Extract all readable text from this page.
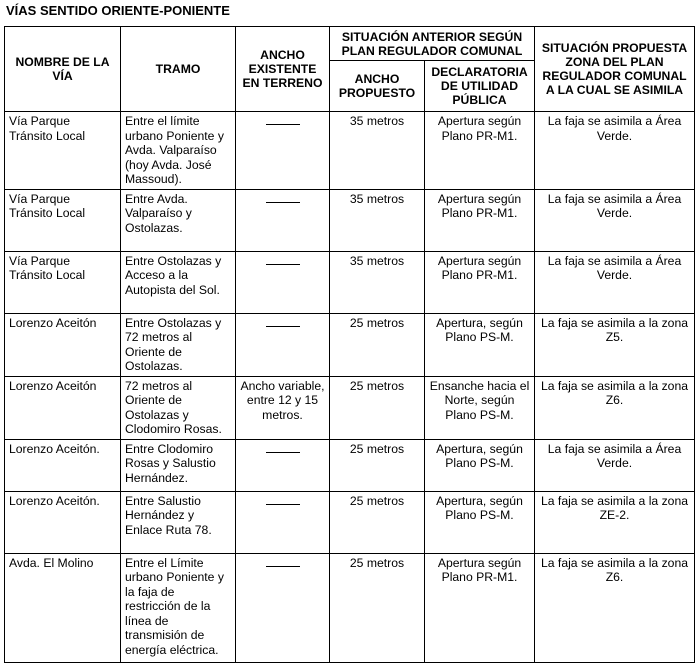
VÍAS SENTIDO ORIENTE-PONIENTE
NOMBRE DE LA VÍA	TRAMO	ANCHO EXISTENTE EN TERRENO	SITUACIÓN ANTERIOR SEGÚN PLAN REGULADOR COMUNAL		SITUACIÓN PROPUESTA ZONA DEL PLAN REGULADOR COMUNAL A LA CUAL SE ASIMILA
			ANCHO PROPUESTO	DECLARATORIA DE UTILIDAD PÚBLICA	
Vía Parque Tránsito Local	Entre el límite urbano Poniente y Avda. Valparaíso (hoy Avda. José Massoud).		35 metros	Apertura según Plano PR-M1.	La faja se asimila a Área Verde.
Vía Parque Tránsito Local	Entre Avda. Valparaíso y Ostolazas.		35 metros	Apertura según Plano PR-M1.	La faja se asimila a Área Verde.
Vía Parque Tránsito Local	Entre Ostolazas y Acceso a la Autopista del Sol.		35 metros	Apertura según Plano PR-M1.	La faja se asimila a Área Verde.
Lorenzo Aceitón	Entre Ostolazas y 72 metros al Oriente de Ostolazas.		25 metros	Apertura, según Plano PS-M.	La faja se asimila a la zona Z5.
Lorenzo Aceitón	72 metros al Oriente de Ostolazas y Clodomiro Rosas.	Ancho variable, entre 12 y 15 metros.	25 metros	Ensanche hacia el Norte, según Plano PS-M.	La faja se asimila a la zona Z6.
Lorenzo Aceitón.	Entre Clodomiro Rosas y Salustio Hernández.		25 metros	Apertura, según Plano PS-M.	La faja se asimila a Área Verde.
Lorenzo Aceitón.	Entre Salustio Hernández y Enlace Ruta 78.		25 metros	Apertura, según Plano PS-M.	La faja se asimila a la zona ZE-2.
Avda. El Molino	Entre el Límite urbano Poniente y la faja de restricción de la línea de transmisión de energía eléctrica.		25 metros	Apertura según Plano PR-M1.	La faja se asimila a la zona Z6.
